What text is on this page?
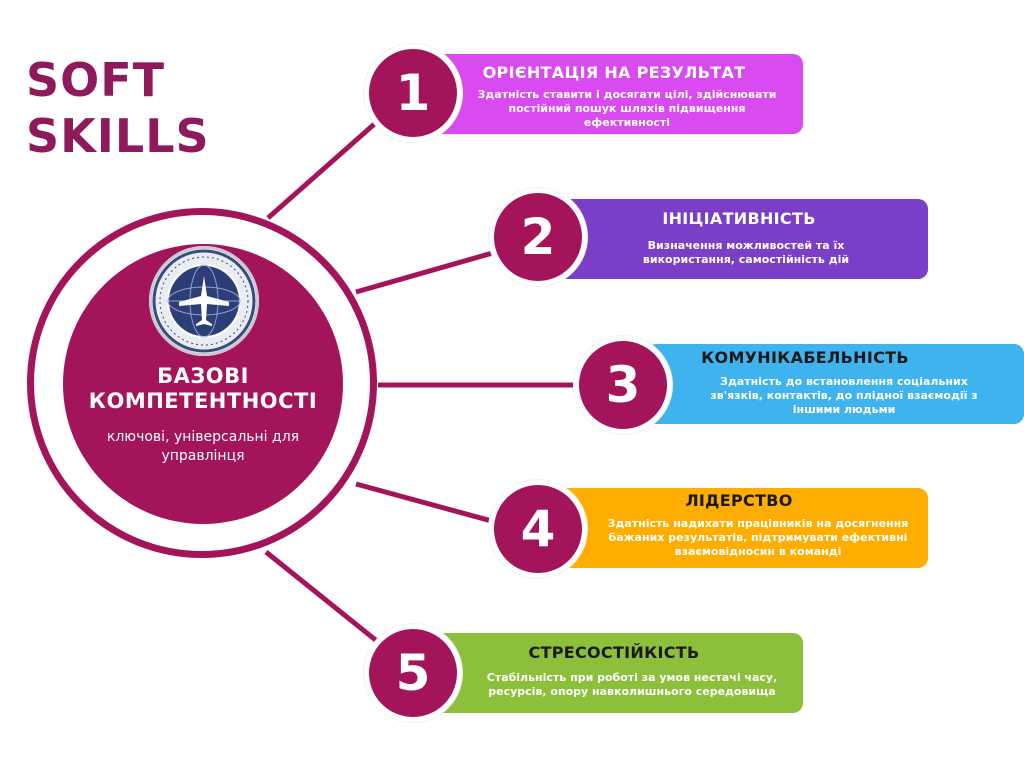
SOFT
SKILLS
БАЗОВІ
КОМПЕТЕНТНОСТІ
ключові, універсальні для управлінця
ОРІЄНТАЦІЯ НА РЕЗУЛЬТАТ
Здатність ставити і досягати цілі, здійснювати постійний пошук шляхів підвищення ефективності
1
ІНІЦІАТИВНІСТЬ
Визначення можливостей та їх використання, самостійність дій
2
КОМУНІКАБЕЛЬНІСТЬ
Здатність до встановлення соціальних зв'язків, контактів, до плідної взаємодії з іншими людьми
3
ЛІДЕРСТВО
Здатність надихати працівників на досягнення бажаних результатів, підтримувати ефективні взаємовідносин в команді
4
СТРЕСОСТІЙКІСТЬ
Стабільність при роботі за умов нестачі часу, ресурсів, опору навколишнього середовища
5
